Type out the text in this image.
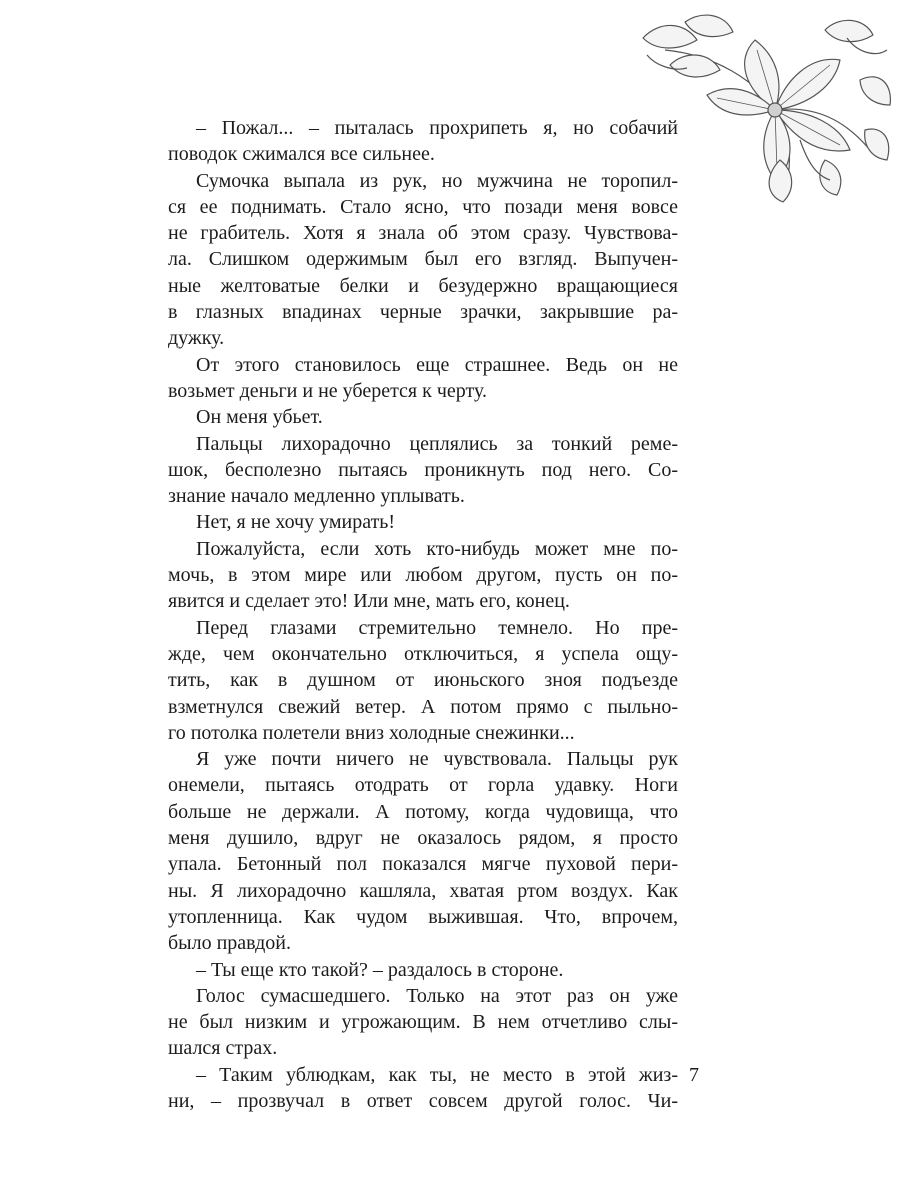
– Пожал... – пыталась прохрипеть я, но собачий
поводок сжимался все сильнее.

Сумочка выпала из рук, но мужчина не торопил-
ся ее поднимать. Стало ясно, что позади меня вовсе
не грабитель. Хотя я знала об этом сразу. Чувствова-
ла. Слишком одержимым был его взгляд. Выпучен-
ные желтоватые белки и безудержно вращающиеся
в глазных впадинах черные зрачки, закрывшие ра-
дужку.

От этого становилось еще страшнее. Ведь он не
возьмет деньги и не уберется к черту.

Он меня убьет.

Пальцы лихорадочно цеплялись за тонкий реме-
шок, бесполезно пытаясь проникнуть под него. Со-
знание начало медленно уплывать.

Нет, я не хочу умирать!

Пожалуйста, если хоть кто-нибудь может мне по-
мочь, в этом мире или любом другом, пусть он по-
явится и сделает это! Или мне, мать его, конец.

Перед глазами стремительно темнело. Но пре-
жде, чем окончательно отключиться, я успела ощу-
тить, как в душном от июньского зноя подъезде
взметнулся свежий ветер. А потом прямо с пыльно-
го потолка полетели вниз холодные снежинки...

Я уже почти ничего не чувствовала. Пальцы рук
онемели, пытаясь отодрать от горла удавку. Ноги
больше не держали. А потому, когда чудовища, что
меня душило, вдруг не оказалось рядом, я просто
упала. Бетонный пол показался мягче пуховой пери-
ны. Я лихорадочно кашляла, хватая ртом воздух. Как
утопленница. Как чудом выжившая. Что, впрочем,
было правдой.

– Ты еще кто такой? – раздалось в стороне.

Голос сумасшедшего. Только на этот раз он уже
не был низким и угрожающим. В нем отчетливо слы-
шался страх.

– Таким ублюдкам, как ты, не место в этой жиз-
ни, – прозвучал в ответ совсем другой голос. Чи-

7
